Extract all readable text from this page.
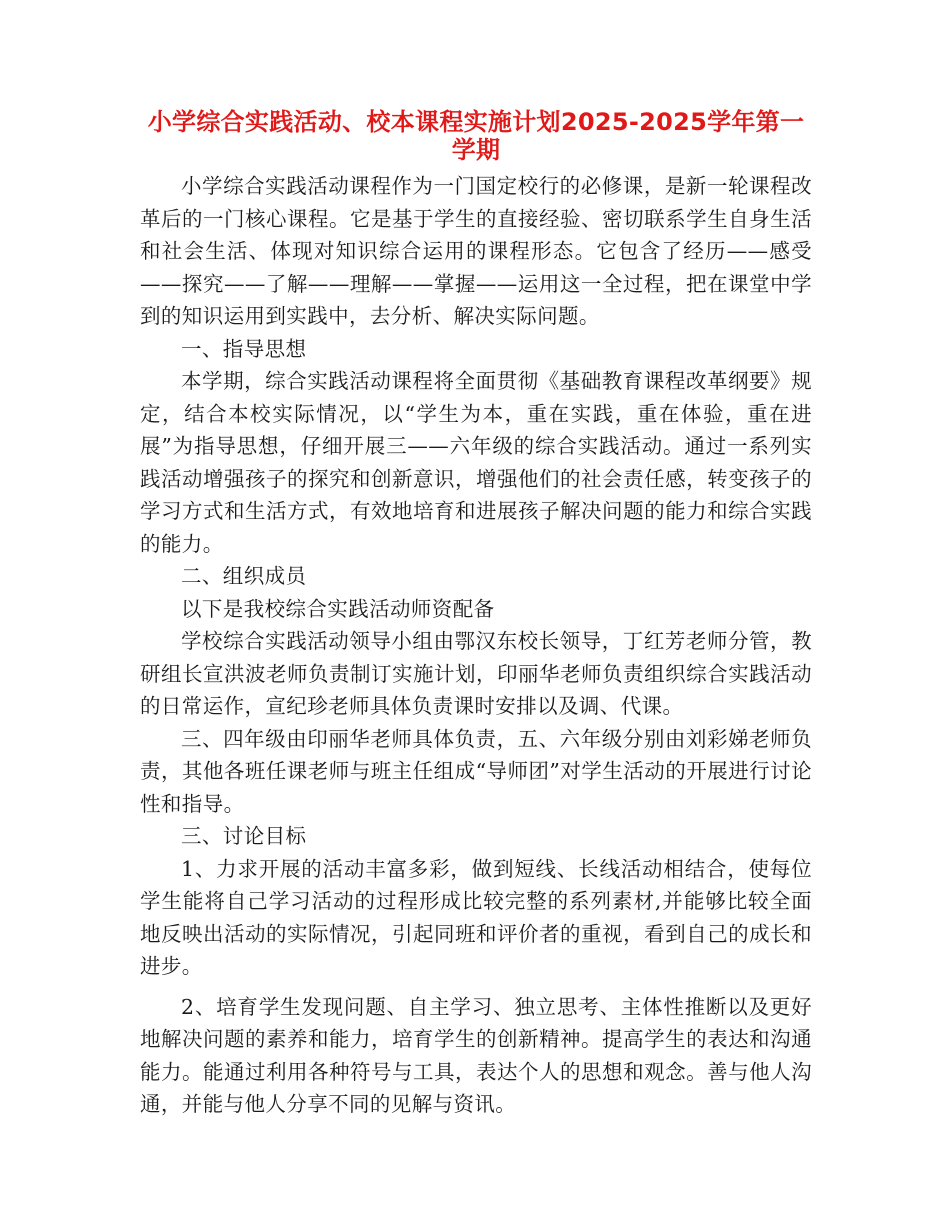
小学综合实践活动、校本课程实施计划2025-2025学年第一学期

小学综合实践活动课程作为一门国定校行的必修课，是新一轮课程改革后的一门核心课程。它是基于学生的直接经验、密切联系学生自身生活和社会生活、体现对知识综合运用的课程形态。它包含了经历——感受——探究——了解——理解——掌握——运用这一全过程，把在课堂中学到的知识运用到实践中，去分析、解决实际问题。

一、指导思想

本学期，综合实践活动课程将全面贯彻《基础教育课程改革纲要》规定，结合本校实际情况，以“学生为本，重在实践，重在体验，重在进展”为指导思想，仔细开展三——六年级的综合实践活动。通过一系列实践活动增强孩子的探究和创新意识，增强他们的社会责任感，转变孩子的学习方式和生活方式，有效地培育和进展孩子解决问题的能力和综合实践的能力。

二、组织成员

以下是我校综合实践活动师资配备

学校综合实践活动领导小组由鄂汉东校长领导，丁红芳老师分管，教研组长宣洪波老师负责制订实施计划，印丽华老师负责组织综合实践活动的日常运作，宣纪珍老师具体负责课时安排以及调、代课。

三、四年级由印丽华老师具体负责，五、六年级分别由刘彩娣老师负责，其他各班任课老师与班主任组成“导师团”对学生活动的开展进行讨论性和指导。

三、讨论目标

1、力求开展的活动丰富多彩，做到短线、长线活动相结合，使每位学生能将自己学习活动的过程形成比较完整的系列素材,并能够比较全面地反映出活动的实际情况，引起同班和评价者的重视，看到自己的成长和进步。

2、培育学生发现问题、自主学习、独立思考、主体性推断以及更好地解决问题的素养和能力，培育学生的创新精神。提高学生的表达和沟通能力。能通过利用各种符号与工具，表达个人的思想和观念。善与他人沟通，并能与他人分享不同的见解与资讯。
